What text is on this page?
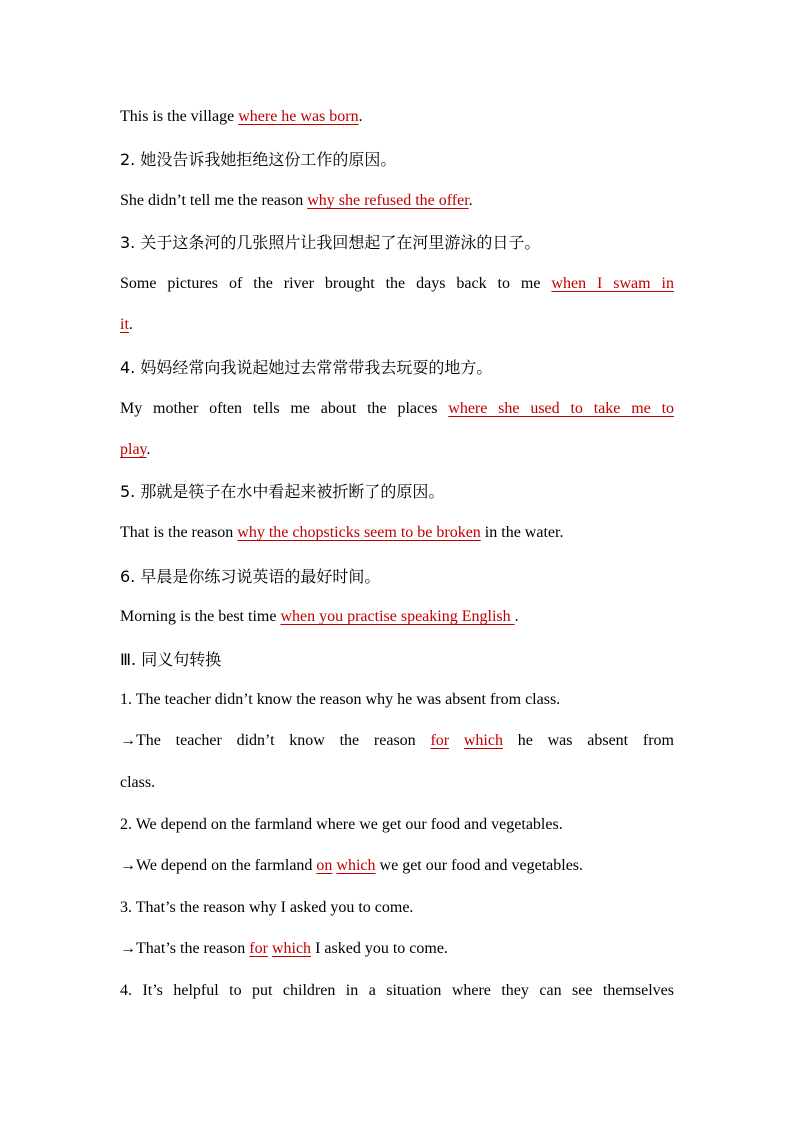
This is the village where he was born.
2. 她没告诉我她拒绝这份工作的原因。
She didn’t tell me the reason why she refused the offer.
3. 关于这条河的几张照片让我回想起了在河里游泳的日子。
Some pictures of the river brought the days back to me when I swam in
it.
4. 妈妈经常向我说起她过去常常带我去玩耍的地方。
My mother often tells me about the places where she used to take me to
play.
5. 那就是筷子在水中看起来被折断了的原因。
That is the reason why the chopsticks seem to be broken in the water.
6. 早晨是你练习说英语的最好时间。
Morning is the best time when you practise speaking English .
Ⅲ. 同义句转换
1. The teacher didn’t know the reason why he was absent from class.
→The teacher didn’t know the reason for which he was absent from
class.
2. We depend on the farmland where we get our food and vegetables.
→We depend on the farmland on which we get our food and vegetables.
3. That’s the reason why I asked you to come.
→That’s the reason for which I asked you to come.
4. It’s helpful to put children in a situation where they can see themselves
